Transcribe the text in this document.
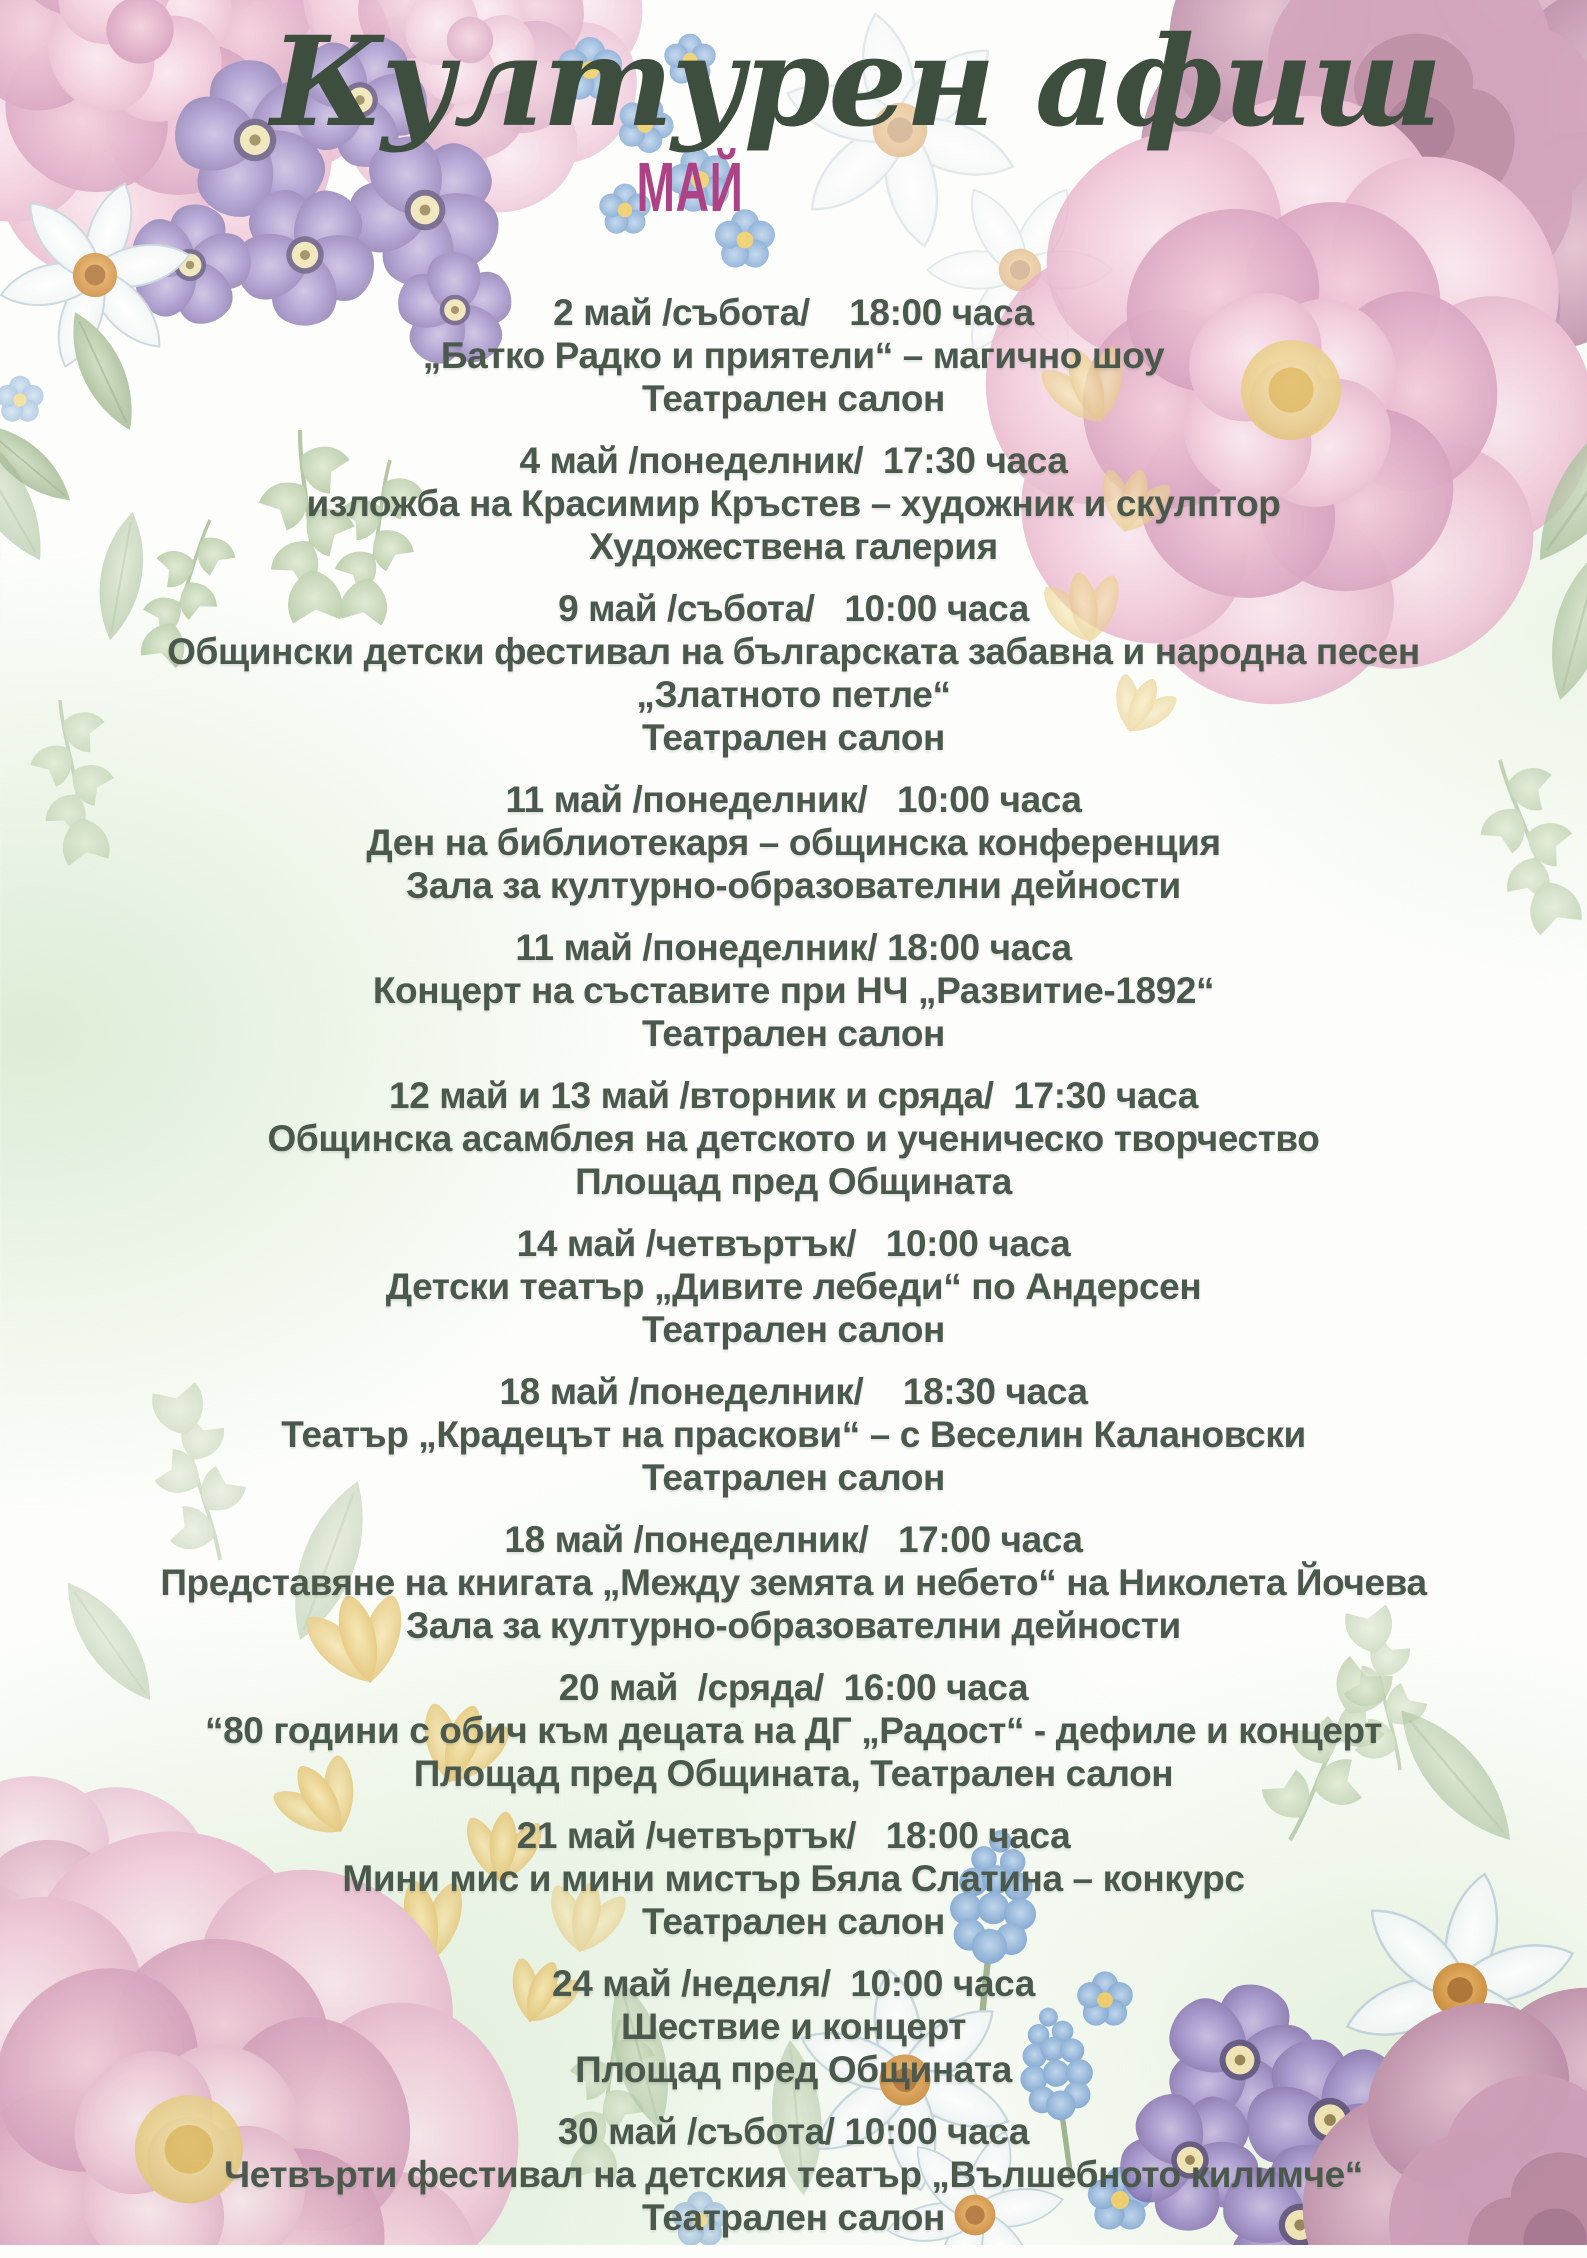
Културен афиш
МАЙ
2 май /събота/    18:00 часа
„Батко Радко и приятели“ – магично шоу
Театрален салон
4 май /понеделник/  17:30 часа
изложба на Красимир Кръстев – художник и скулптор
Художествена галерия
9 май /събота/   10:00 часа
Общински детски фестивал на българската забавна и народна песен
„Златното петле“
Театрален салон
11 май /понеделник/   10:00 часа
Ден на библиотекаря – общинска конференция
Зала за културно-образователни дейности
11 май /понеделник/ 18:00 часа
Концерт на съставите при НЧ „Развитие-1892“
Театрален салон
12 май и 13 май /вторник и сряда/  17:30 часа
Общинска асамблея на детското и ученическо творчество
Площад пред Общината
14 май /четвъртък/   10:00 часа
Детски театър „Дивите лебеди“ по Андерсен
Театрален салон
18 май /понеделник/    18:30 часа
Театър „Крадецът на праскови“ – с Веселин Калановски
Театрален салон
18 май /понеделник/   17:00 часа
Представяне на книгата „Между земята и небето“ на Николета Йочева
Зала за културно-образователни дейности
20 май  /сряда/  16:00 часа
“80 години с обич към децата на ДГ „Радост“ - дефиле и концерт
Площад пред Общината, Театрален салон
21 май /четвъртък/   18:00 часа
Мини мис и мини мистър Бяла Слатина – конкурс
Театрален салон
24 май /неделя/  10:00 часа
Шествие и концерт
Площад пред Общината
30 май /събота/ 10:00 часа
Четвърти фестивал на детския театър „Вълшебното килимче“
Театрален салон
